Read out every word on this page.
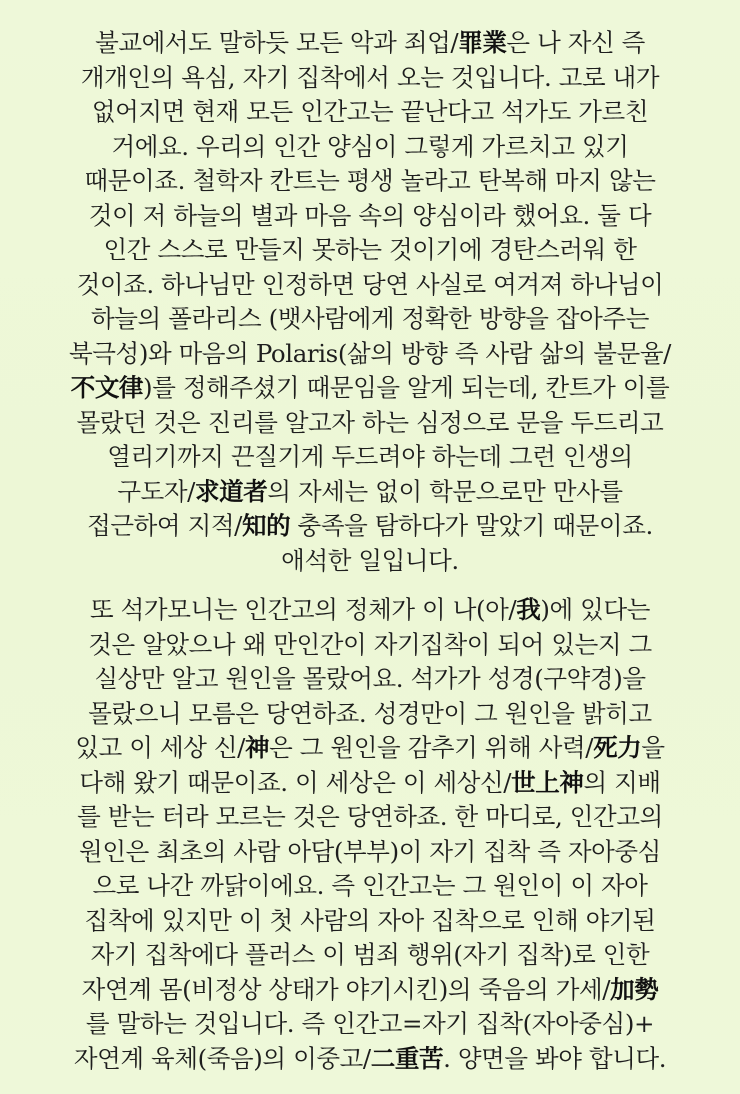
불교에서도 말하듯 모든 악과 죄업/罪業은 나 자신 즉
개개인의 욕심, 자기 집착에서 오는 것입니다. 고로 내가
없어지면 현재 모든 인간고는 끝난다고 석가도 가르친
거에요. 우리의 인간 양심이 그렇게 가르치고 있기
때문이죠. 철학자 칸트는 평생 놀라고 탄복해 마지 않는
것이 저 하늘의 별과 마음 속의 양심이라 했어요. 둘 다
인간 스스로 만들지 못하는 것이기에 경탄스러워 한
것이죠. 하나님만 인정하면 당연 사실로 여겨져 하나님이
하늘의 폴라리스 (뱃사람에게 정확한 방향을 잡아주는
북극성)와 마음의 Polaris(삶의 방향 즉 사람 삶의 불문율/
不文律)를 정해주셨기 때문임을 알게 되는데, 칸트가 이를
몰랐던 것은 진리를 알고자 하는 심정으로 문을 두드리고
열리기까지 끈질기게 두드려야 하는데 그런 인생의
구도자/求道者의 자세는 없이 학문으로만 만사를
접근하여 지적/知的 충족을 탐하다가 말았기 때문이죠.
애석한 일입니다.
또 석가모니는 인간고의 정체가 이 나(아/我)에 있다는
것은 알았으나 왜 만인간이 자기집착이 되어 있는지 그
실상만 알고 원인을 몰랐어요. 석가가 성경(구약경)을
몰랐으니 모름은 당연하죠. 성경만이 그 원인을 밝히고
있고 이 세상 신/神은 그 원인을 감추기 위해 사력/死力을
다해 왔기 때문이죠. 이 세상은 이 세상신/世上神의 지배
를 받는 터라 모르는 것은 당연하죠. 한 마디로, 인간고의
원인은 최초의 사람 아담(부부)이 자기 집착 즉 자아중심
으로 나간 까닭이에요. 즉 인간고는 그 원인이 이 자아
집착에 있지만 이 첫 사람의 자아 집착으로 인해 야기된
자기 집착에다 플러스 이 범죄 행위(자기 집착)로 인한
자연계 몸(비정상 상태가 야기시킨)의 죽음의 가세/加勢
를 말하는 것입니다. 즉 인간고=자기 집착(자아중심)+
자연계 육체(죽음)의 이중고/二重苦. 양면을 봐야 합니다.
